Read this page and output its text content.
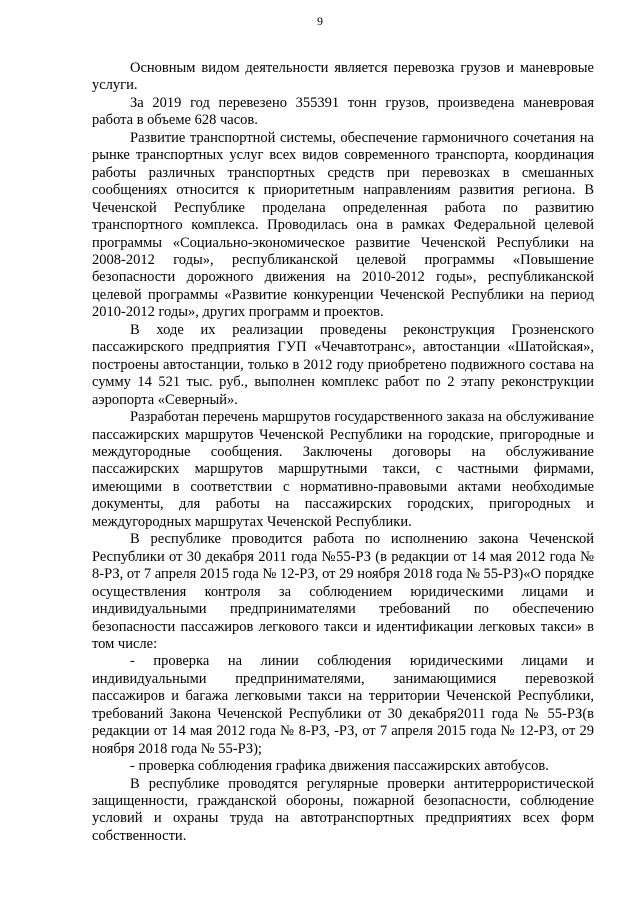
9

Основным видом деятельности является перевозка грузов и маневровые услуги.

За 2019 год перевезено 355391 тонн грузов, произведена маневровая работа в объеме 628 часов.

Развитие транспортной системы, обеспечение гармоничного сочетания на рынке транспортных услуг всех видов современного транспорта, координация работы различных транспортных средств при перевозках в смешанных сообщениях относится к приоритетным направлениям развития региона. В Чеченской Республике проделана определенная работа по развитию транспортного комплекса. Проводилась она в рамках Федеральной целевой программы «Социально-экономическое развитие Чеченской Республики на 2008-2012 годы», республиканской целевой программы «Повышение безопасности дорожного движения на 2010-2012 годы», республиканской целевой программы «Развитие конкуренции Чеченской Республики на период 2010-2012 годы», других программ и проектов.

В ходе их реализации проведены реконструкция Грозненского пассажирского предприятия ГУП «Чечавтотранс», автостанции «Шатойская», построены автостанции, только в 2012 году приобретено подвижного состава на сумму 14 521 тыс. руб., выполнен комплекс работ по 2 этапу реконструкции аэропорта «Северный».

Разработан перечень маршрутов государственного заказа на обслуживание пассажирских маршрутов Чеченской Республики на городские, пригородные и междугородные сообщения. Заключены договоры на обслуживание пассажирских маршрутов маршрутными такси, с частными фирмами, имеющими в соответствии с нормативно-правовыми актами необходимые документы, для работы на пассажирских городских, пригородных и междугородных маршрутах Чеченской Республики.

В республике проводится работа по исполнению закона Чеченской Республики от 30 декабря 2011 года №55-РЗ (в редакции от 14 мая 2012 года № 8-РЗ, от 7 апреля 2015 года № 12-РЗ, от 29 ноября 2018 года № 55-РЗ)«О порядке осуществления контроля за соблюдением юридическими лицами и индивидуальными предпринимателями требований по обеспечению безопасности пассажиров легкового такси и идентификации легковых такси» в том числе:

- проверка на линии соблюдения юридическими лицами и индивидуальными предпринимателями, занимающимися перевозкой пассажиров и багажа легковыми такси на территории Чеченской Республики, требований Закона Чеченской Республики от 30 декабря2011 года № 55-РЗ(в редакции от 14 мая 2012 года № 8-РЗ, -РЗ, от 7 апреля 2015 года № 12-РЗ, от 29 ноября 2018 года № 55-РЗ);

- проверка соблюдения графика движения пассажирских автобусов.

В республике проводятся регулярные проверки антитеррористической защищенности, гражданской обороны, пожарной безопасности, соблюдение условий и охраны труда на автотранспортных предприятиях всех форм собственности.
